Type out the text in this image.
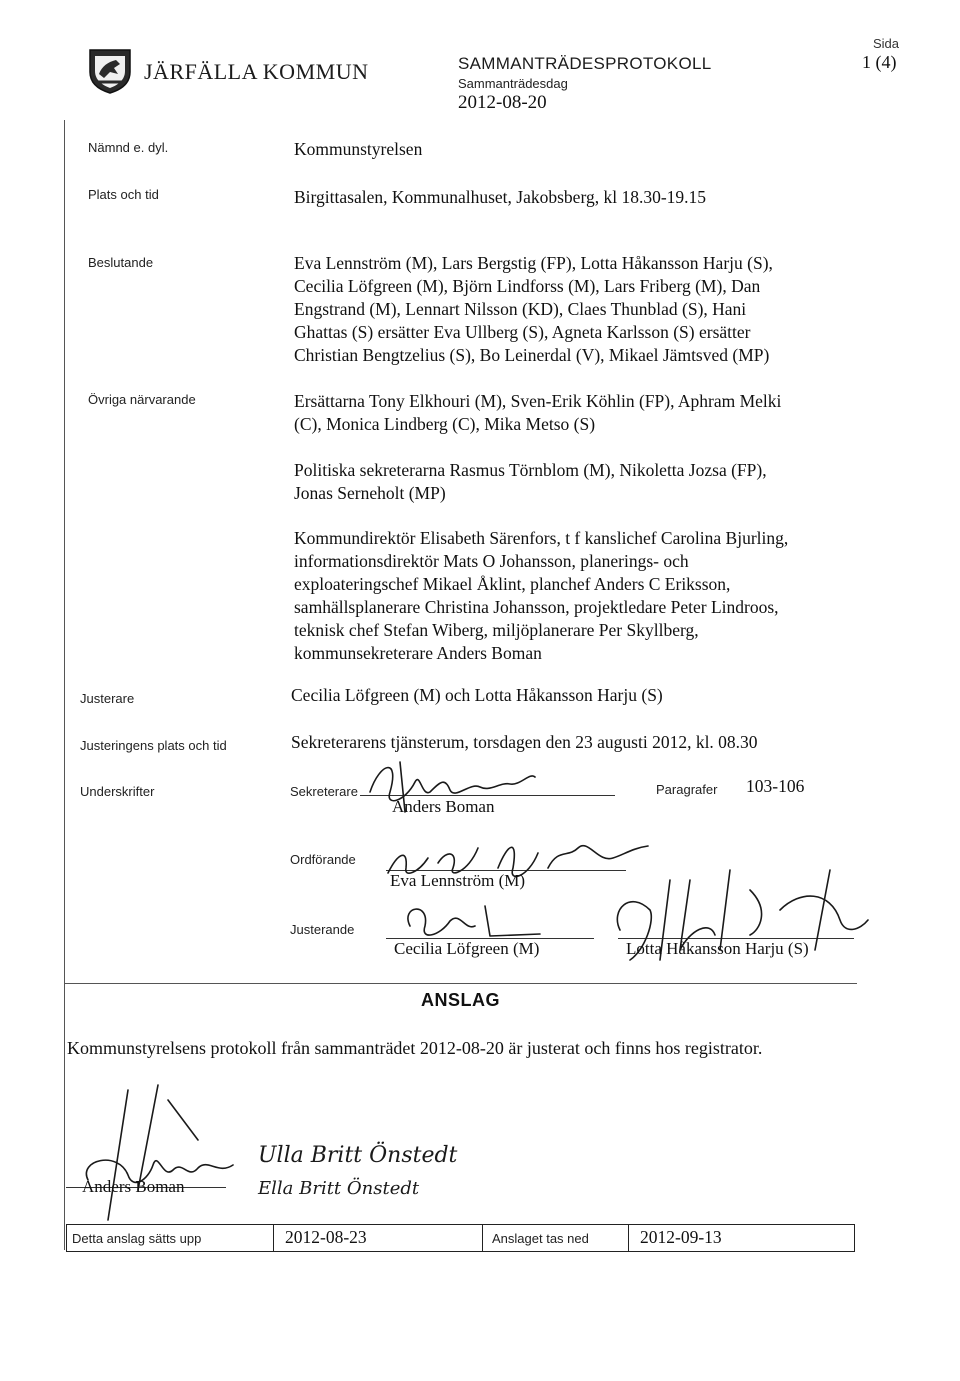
JÄRFÄLLA KOMMUN	SAMMANTRÄDESPROTOKOLL
Sammanträdesdag
2012-08-20
Sida
1 (4)
Nämnd e. dyl.	Kommunstyrelsen
Plats och tid	Birgittasalen, Kommunalhuset, Jakobsberg, kl 18.30-19.15
Beslutande	Eva Lennström (M), Lars Bergstig (FP), Lotta Håkansson Harju (S),
Cecilia Löfgreen (M), Björn Lindforss (M), Lars Friberg (M), Dan
Engstrand (M), Lennart Nilsson (KD), Claes Thunblad (S), Hani
Ghattas (S) ersätter Eva Ullberg (S), Agneta Karlsson (S) ersätter
Christian Bengtzelius (S), Bo Leinerdal (V), Mikael Jämtsved (MP)
Övriga närvarande	Ersättarna Tony Elkhouri (M), Sven-Erik Köhlin (FP), Aphram Melki
(C), Monica Lindberg (C), Mika Metso (S)
Politiska sekreterarna Rasmus Törnblom (M), Nikoletta Jozsa (FP),
Jonas Serneholt (MP)
Kommundirektör Elisabeth Särenfors, t f kanslichef Carolina Bjurling,
informationsdirektör Mats O Johansson, planerings- och
exploateringschef Mikael Åklint, planchef Anders C Eriksson,
samhällsplanerare Christina Johansson, projektledare Peter Lindroos,
teknisk chef Stefan Wiberg, miljöplanerare Per Skyllberg,
kommunsekreterare Anders Boman
Justerare	Cecilia Löfgreen (M) och Lotta Håkansson Harju (S)
Justeringens plats och tid	Sekreterarens tjänsterum, torsdagen den 23 augusti 2012, kl. 08.30
Underskrifter	Sekreterare
Anders Boman
Paragrafer 103-106
Ordförande
Eva Lennström (M)
Justerande
Cecilia Löfgreen (M)	Lotta Håkansson Harju (S)
ANSLAG
Kommunstyrelsens protokoll från sammanträdet 2012-08-20 är justerat och finns hos registrator.
Anders Boman
Ulla Britt Önstedt
Ella Britt Önstedt
Detta anslag sätts upp	2012-08-23	Anslaget tas ned	2012-09-13
